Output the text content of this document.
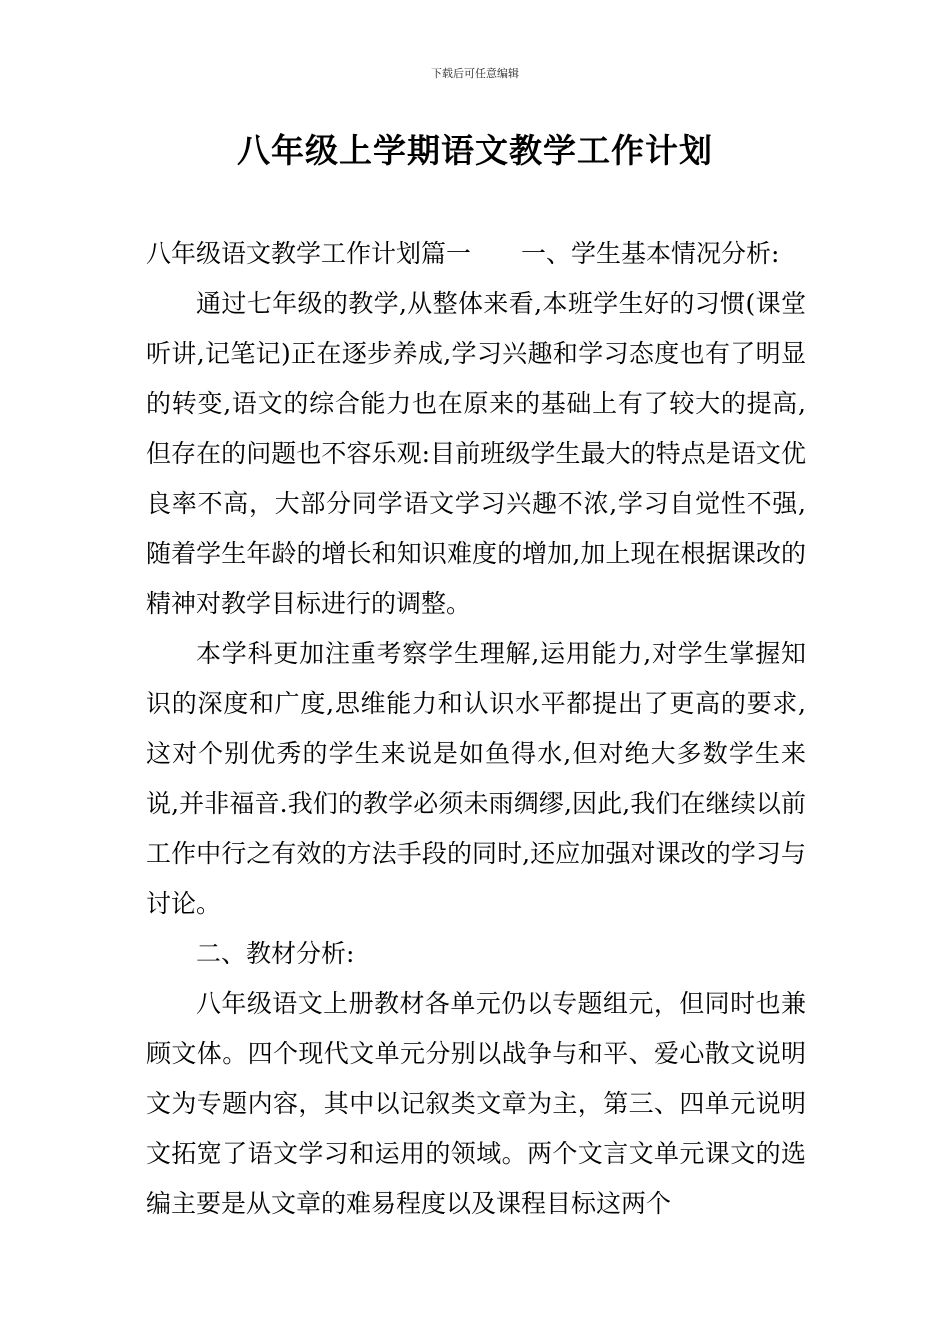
下载后可任意编辑
八年级上学期语文教学工作计划

八年级语文教学工作计划篇一 一、学生基本情况分析:

通过七年级的教学,从整体来看,本班学生好的习惯(课堂听讲,记笔记)正在逐步养成,学习兴趣和学习态度也有了明显的转变,语文的综合能力也在原来的基础上有了较大的提高,但存在的问题也不容乐观:目前班级学生最大的特点是语文优良率不高，大部分同学语文学习兴趣不浓,学习自觉性不强,随着学生年龄的增长和知识难度的增加,加上现在根据课改的精神对教学目标进行的调整。

本学科更加注重考察学生理解,运用能力,对学生掌握知识的深度和广度,思维能力和认识水平都提出了更高的要求,这对个别优秀的学生来说是如鱼得水,但对绝大多数学生来说,并非福音.我们的教学必须未雨绸缪,因此,我们在继续以前工作中行之有效的方法手段的同时,还应加强对课改的学习与讨论。

二、教材分析:

八年级语文上册教材各单元仍以专题组元，但同时也兼顾文体。四个现代文单元分别以战争与和平、爱心散文说明文为专题内容，其中以记叙类文章为主，第三、四单元说明文拓宽了语文学习和运用的领域。两个文言文单元课文的选编主要是从文章的难易程度以及课程目标这两个
